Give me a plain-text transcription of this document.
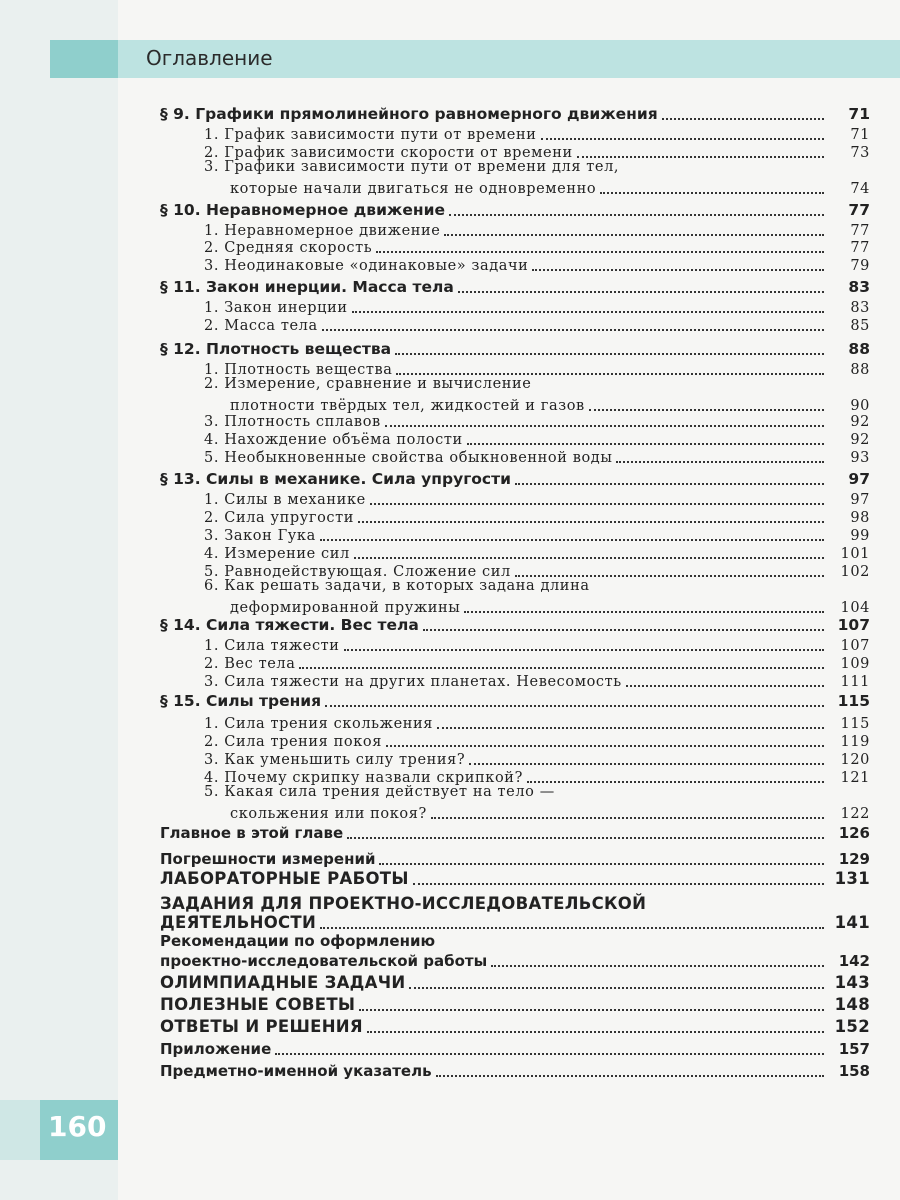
Оглавление
160
§ 9. Графики прямолинейного равномерного движения	71
1. График зависимости пути от времени	71
2. График зависимости скорости от времени	73
3. Графики зависимости пути от времени для тел,
которые начали двигаться не одновременно	74
§ 10. Неравномерное движение	77
1. Неравномерное движение	77
2. Средняя скорость	77
3. Неодинаковые «одинаковые» задачи	79
§ 11. Закон инерции. Масса тела	83
1. Закон инерции	83
2. Масса тела	85
§ 12. Плотность вещества	88
1. Плотность вещества	88
2. Измерение, сравнение и вычисление
плотности твёрдых тел, жидкостей и газов	90
3. Плотность сплавов	92
4. Нахождение объёма полости	92
5. Необыкновенные свойства обыкновенной воды	93
§ 13. Силы в механике. Сила упругости	97
1. Силы в механике	97
2. Сила упругости	98
3. Закон Гука	99
4. Измерение сил	101
5. Равнодействующая. Сложение сил	102
6. Как решать задачи, в которых задана длина
деформированной пружины	104
§ 14. Сила тяжести. Вес тела	107
1. Сила тяжести	107
2. Вес тела	109
3. Сила тяжести на других планетах. Невесомость	111
§ 15. Силы трения	115
1. Сила трения скольжения	115
2. Сила трения покоя	119
3. Как уменьшить силу трения?	120
4. Почему скрипку назвали скрипкой?	121
5. Какая сила трения действует на тело —
скольжения или покоя?	122
Главное в этой главе	126
Погрешности измерений	129
ЛАБОРАТОРНЫЕ РАБОТЫ	131
ЗАДАНИЯ ДЛЯ ПРОЕКТНО-ИССЛЕДОВАТЕЛЬСКОЙ
ДЕЯТЕЛЬНОСТИ	141
Рекомендации по оформлению
проектно-исследовательской работы	142
ОЛИМПИАДНЫЕ ЗАДАЧИ	143
ПОЛЕЗНЫЕ СОВЕТЫ	148
ОТВЕТЫ И РЕШЕНИЯ	152
Приложение	157
Предметно-именной указатель	158
